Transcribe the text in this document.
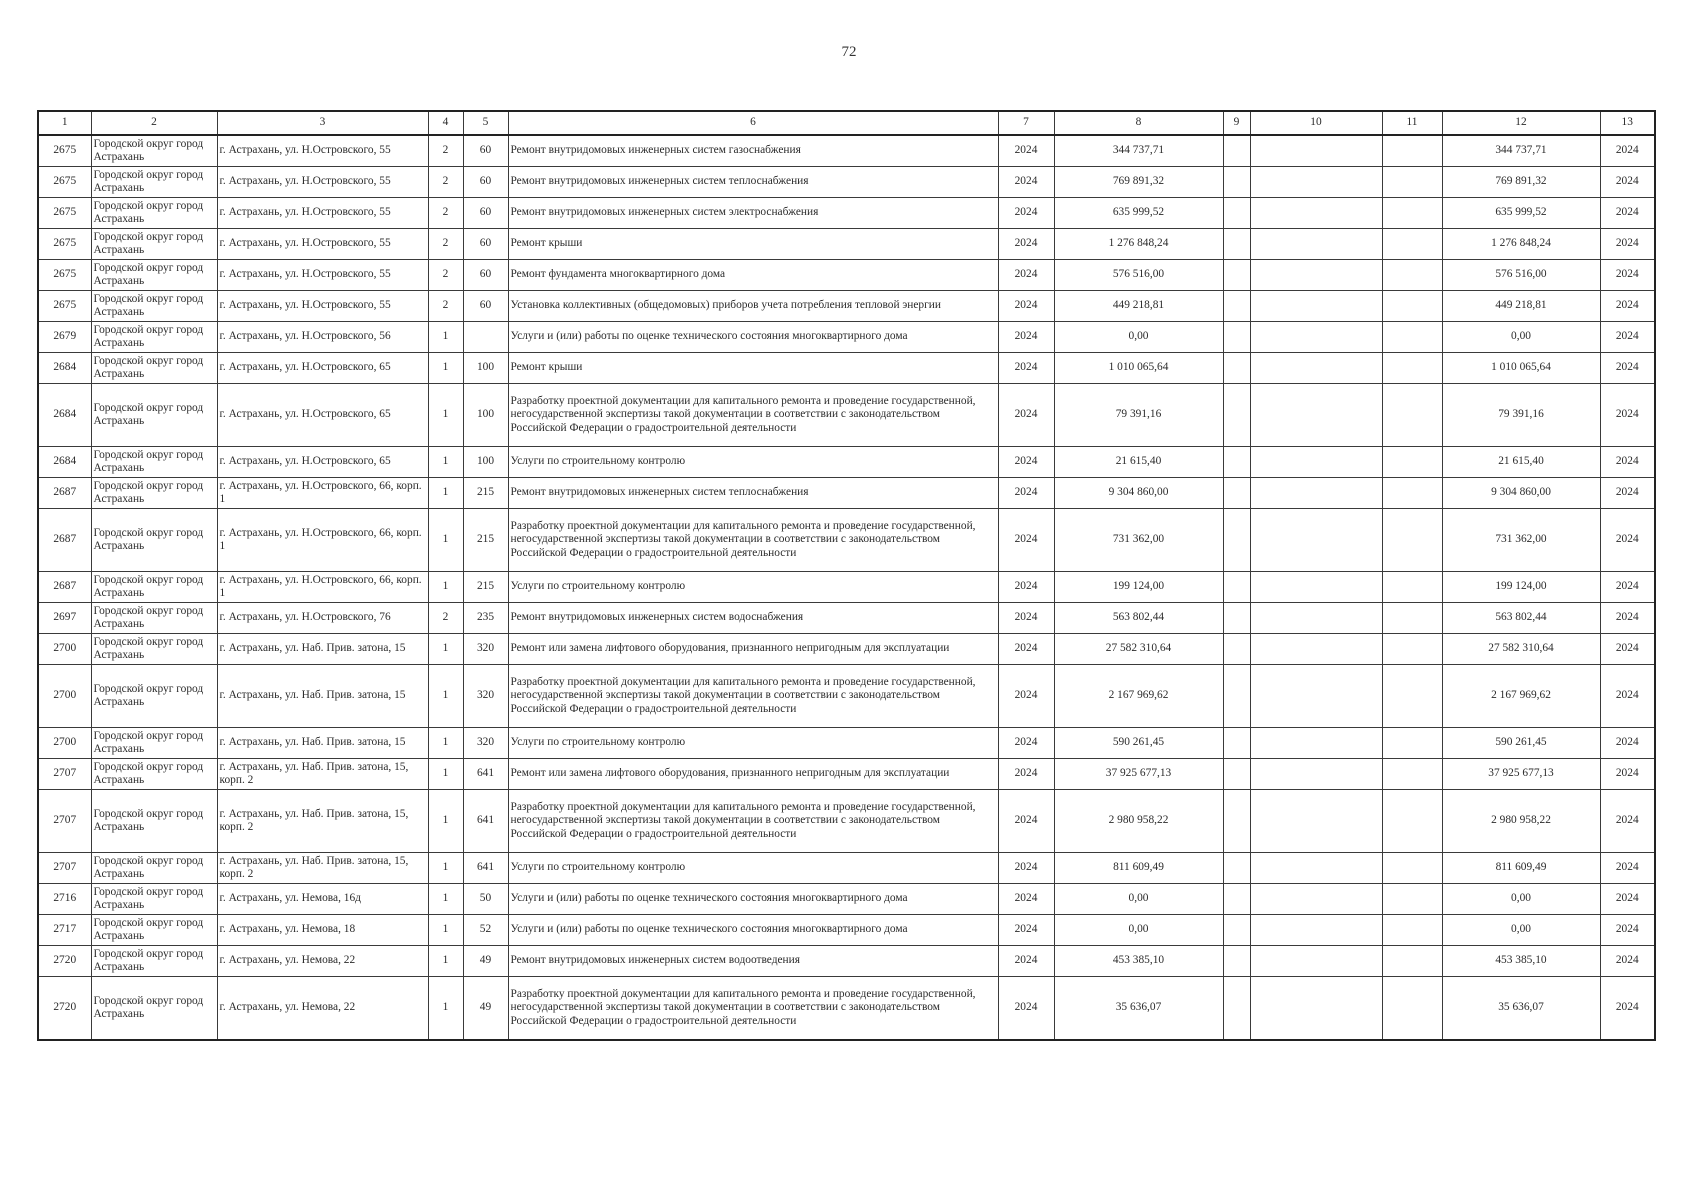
72
1	2	3	4	5	6	7	8	9	10	11	12	13
2675	Городской округ город Астрахань	г. Астрахань, ул. Н.Островского, 55	2	60	Ремонт внутридомовых инженерных систем газоснабжения	2024	344 737,71				344 737,71	2024
2675	Городской округ город Астрахань	г. Астрахань, ул. Н.Островского, 55	2	60	Ремонт внутридомовых инженерных систем теплоснабжения	2024	769 891,32				769 891,32	2024
2675	Городской округ город Астрахань	г. Астрахань, ул. Н.Островского, 55	2	60	Ремонт внутридомовых инженерных систем электроснабжения	2024	635 999,52				635 999,52	2024
2675	Городской округ город Астрахань	г. Астрахань, ул. Н.Островского, 55	2	60	Ремонт крыши	2024	1 276 848,24				1 276 848,24	2024
2675	Городской округ город Астрахань	г. Астрахань, ул. Н.Островского, 55	2	60	Ремонт фундамента многоквартирного дома	2024	576 516,00				576 516,00	2024
2675	Городской округ город Астрахань	г. Астрахань, ул. Н.Островского, 55	2	60	Установка коллективных (общедомовых) приборов учета потребления тепловой энергии	2024	449 218,81				449 218,81	2024
2679	Городской округ город Астрахань	г. Астрахань, ул. Н.Островского, 56	1		Услуги и (или) работы по оценке технического состояния многоквартирного дома	2024	0,00				0,00	2024
2684	Городской округ город Астрахань	г. Астрахань, ул. Н.Островского, 65	1	100	Ремонт крыши	2024	1 010 065,64				1 010 065,64	2024
2684	Городской округ город Астрахань	г. Астрахань, ул. Н.Островского, 65	1	100	Разработку проектной документации для капитального ремонта и проведение государственной, негосударственной экспертизы такой документации в соответствии с законодательством Российской Федерации о градостроительной деятельности	2024	79 391,16				79 391,16	2024
2684	Городской округ город Астрахань	г. Астрахань, ул. Н.Островского, 65	1	100	Услуги по строительному контролю	2024	21 615,40				21 615,40	2024
2687	Городской округ город Астрахань	г. Астрахань, ул. Н.Островского, 66, корп. 1	1	215	Ремонт внутридомовых инженерных систем теплоснабжения	2024	9 304 860,00				9 304 860,00	2024
2687	Городской округ город Астрахань	г. Астрахань, ул. Н.Островского, 66, корп. 1	1	215	Разработку проектной документации для капитального ремонта и проведение государственной, негосударственной экспертизы такой документации в соответствии с законодательством Российской Федерации о градостроительной деятельности	2024	731 362,00				731 362,00	2024
2687	Городской округ город Астрахань	г. Астрахань, ул. Н.Островского, 66, корп. 1	1	215	Услуги по строительному контролю	2024	199 124,00				199 124,00	2024
2697	Городской округ город Астрахань	г. Астрахань, ул. Н.Островского, 76	2	235	Ремонт внутридомовых инженерных систем водоснабжения	2024	563 802,44				563 802,44	2024
2700	Городской округ город Астрахань	г. Астрахань, ул. Наб. Прив. затона, 15	1	320	Ремонт или замена лифтового оборудования, признанного непригодным для эксплуатации	2024	27 582 310,64				27 582 310,64	2024
2700	Городской округ город Астрахань	г. Астрахань, ул. Наб. Прив. затона, 15	1	320	Разработку проектной документации для капитального ремонта и проведение государственной, негосударственной экспертизы такой документации в соответствии с законодательством Российской Федерации о градостроительной деятельности	2024	2 167 969,62				2 167 969,62	2024
2700	Городской округ город Астрахань	г. Астрахань, ул. Наб. Прив. затона, 15	1	320	Услуги по строительному контролю	2024	590 261,45				590 261,45	2024
2707	Городской округ город Астрахань	г. Астрахань, ул. Наб. Прив. затона, 15, корп. 2	1	641	Ремонт или замена лифтового оборудования, признанного непригодным для эксплуатации	2024	37 925 677,13				37 925 677,13	2024
2707	Городской округ город Астрахань	г. Астрахань, ул. Наб. Прив. затона, 15, корп. 2	1	641	Разработку проектной документации для капитального ремонта и проведение государственной, негосударственной экспертизы такой документации в соответствии с законодательством Российской Федерации о градостроительной деятельности	2024	2 980 958,22				2 980 958,22	2024
2707	Городской округ город Астрахань	г. Астрахань, ул. Наб. Прив. затона, 15, корп. 2	1	641	Услуги по строительному контролю	2024	811 609,49				811 609,49	2024
2716	Городской округ город Астрахань	г. Астрахань, ул. Немова, 16д	1	50	Услуги и (или) работы по оценке технического состояния многоквартирного дома	2024	0,00				0,00	2024
2717	Городской округ город Астрахань	г. Астрахань, ул. Немова, 18	1	52	Услуги и (или) работы по оценке технического состояния многоквартирного дома	2024	0,00				0,00	2024
2720	Городской округ город Астрахань	г. Астрахань, ул. Немова, 22	1	49	Ремонт внутридомовых инженерных систем водоотведения	2024	453 385,10				453 385,10	2024
2720	Городской округ город Астрахань	г. Астрахань, ул. Немова, 22	1	49	Разработку проектной документации для капитального ремонта и проведение государственной, негосударственной экспертизы такой документации в соответствии с законодательством Российской Федерации о градостроительной деятельности	2024	35 636,07				35 636,07	2024
